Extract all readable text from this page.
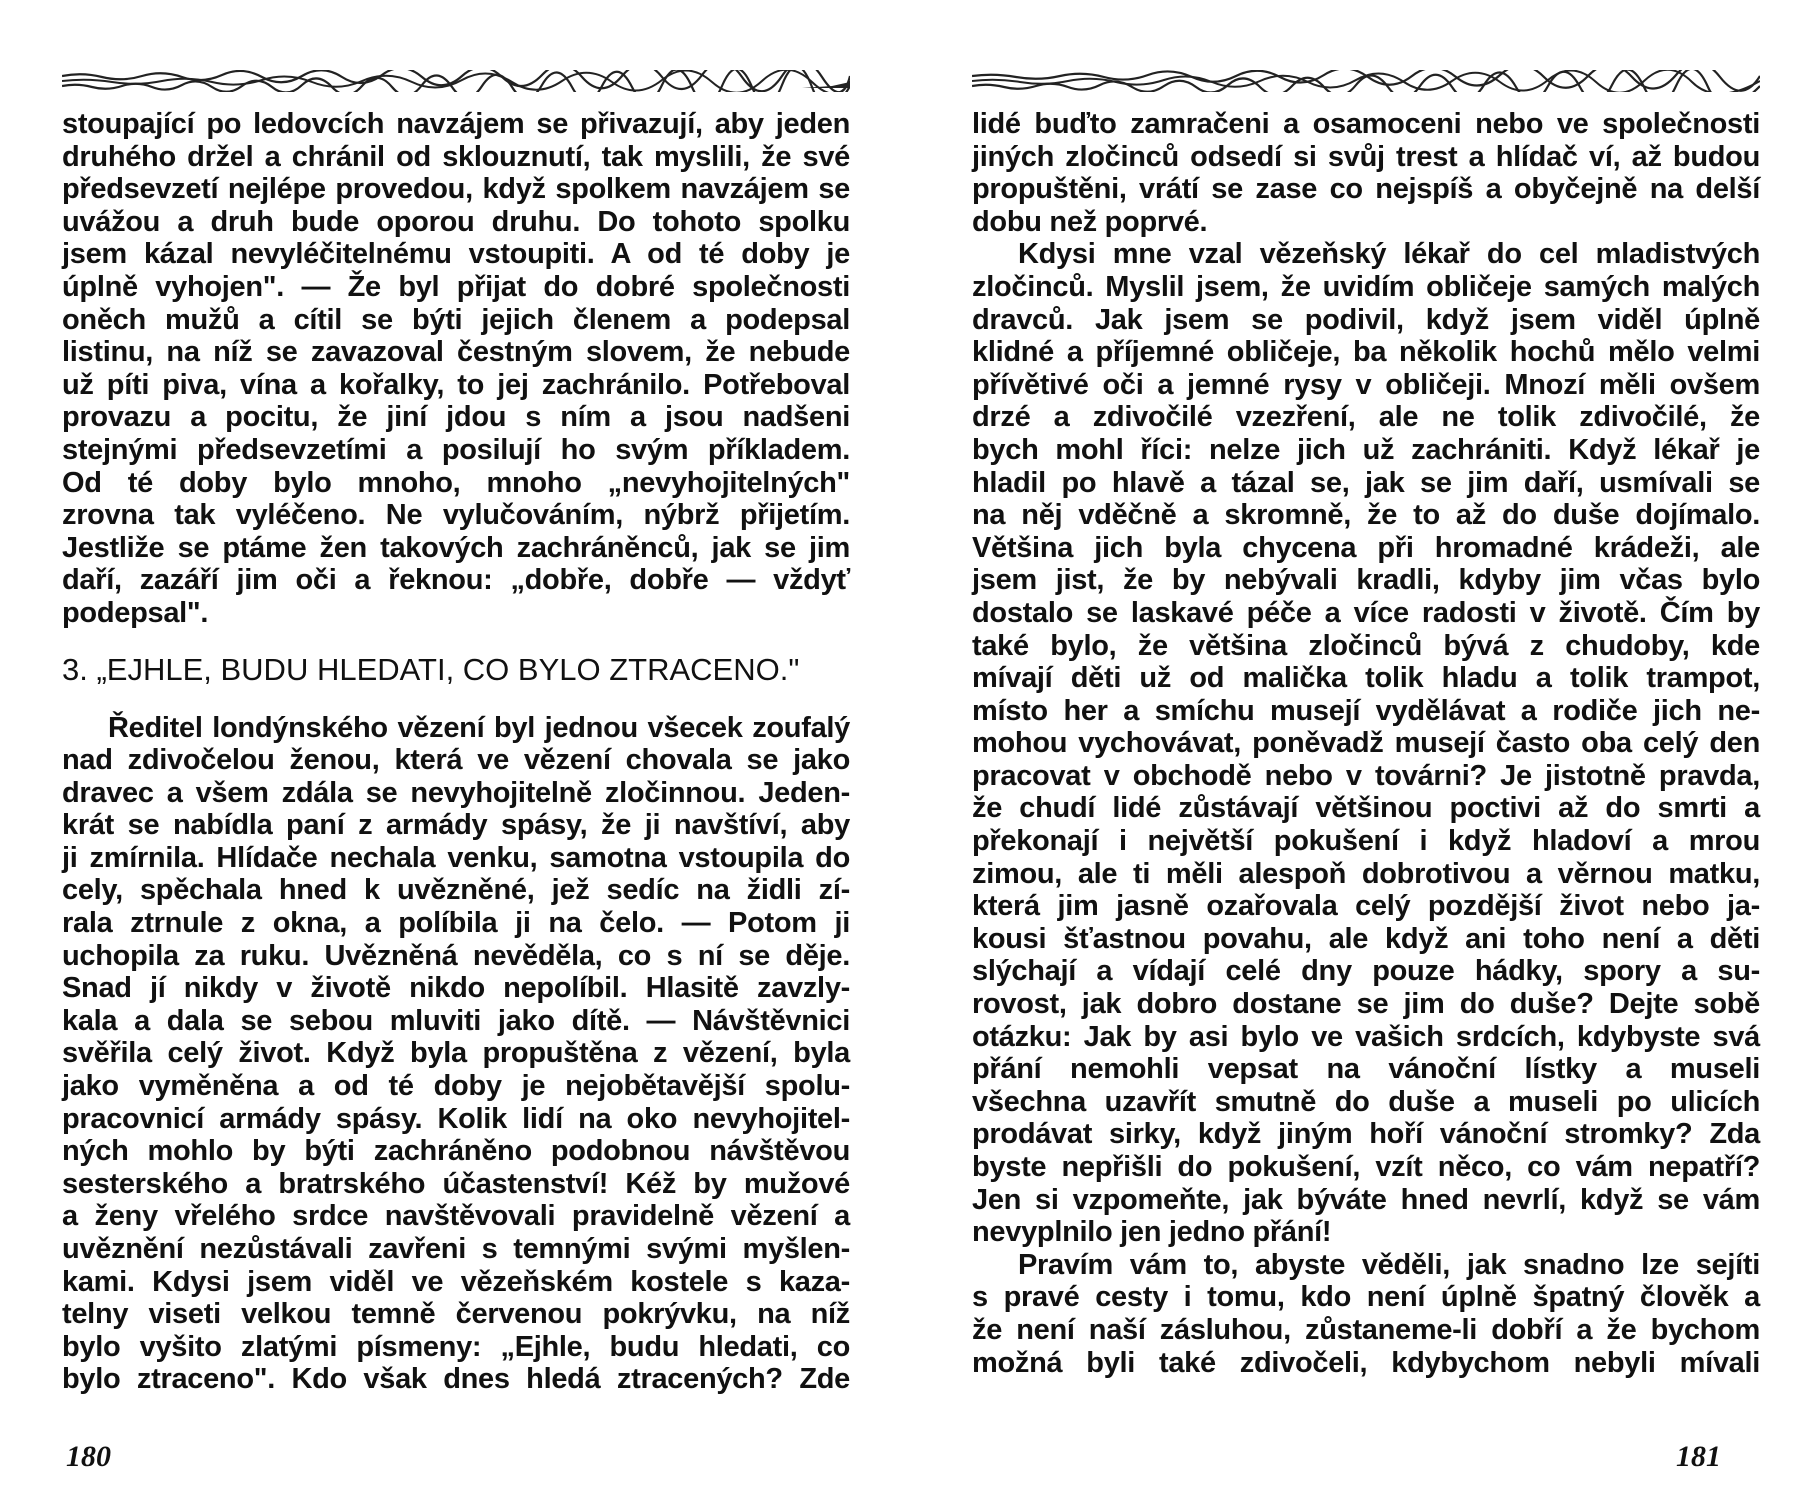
stoupající po ledovcích navzájem se přivazují, aby jeden
druhého držel a chránil od sklouznutí, tak myslili, že své
předsevzetí nejlépe provedou, když spolkem navzájem se
uvážou a druh bude oporou druhu. Do tohoto spolku
jsem kázal nevyléčitelnému vstoupiti. A od té doby je
úplně vyhojen". — Že byl přijat do dobré společnosti
oněch mužů a cítil se býti jejich členem a podepsal
listinu, na níž se zavazoval čestným slovem, že nebude
už píti piva, vína a kořalky, to jej zachránilo. Potřeboval
provazu a pocitu, že jiní jdou s ním a jsou nadšeni
stejnými předsevzetími a posilují ho svým příkladem.
Od té doby bylo mnoho, mnoho „nevyhojitelných"
zrovna tak vyléčeno. Ne vylučováním, nýbrž přijetím.
Jestliže se ptáme žen takových zachráněnců, jak se jim
daří, zazáří jim oči a řeknou: „dobře, dobře — vždyť
podepsal".
3. „EJHLE, BUDU HLEDATI, CO BYLO ZTRACENO."
Ředitel londýnského vězení byl jednou všecek zoufalý
nad zdivočelou ženou, která ve vězení chovala se jako
dravec a všem zdála se nevyhojitelně zločinnou. Jeden-
krát se nabídla paní z armády spásy, že ji navštíví, aby
ji zmírnila. Hlídače nechala venku, samotna vstoupila do
cely, spěchala hned k uvězněné, jež sedíc na židli zí-
rala ztrnule z okna, a políbila ji na čelo. — Potom ji
uchopila za ruku. Uvězněná nevěděla, co s ní se děje.
Snad jí nikdy v životě nikdo nepolíbil. Hlasitě zavzly-
kala a dala se sebou mluviti jako dítě. — Návštěvnici
svěřila celý život. Když byla propuštěna z vězení, byla
jako vyměněna a od té doby je nejobětavější spolu-
pracovnicí armády spásy. Kolik lidí na oko nevyhojitel-
ných mohlo by býti zachráněno podobnou návštěvou
sesterského a bratrského účastenství! Kéž by mužové
a ženy vřelého srdce navštěvovali pravidelně vězení a
uvěznění nezůstávali zavřeni s temnými svými myšlen-
kami. Kdysi jsem viděl ve vězeňském kostele s kaza-
telny viseti velkou temně červenou pokrývku, na níž
bylo vyšito zlatými písmeny: „Ejhle, budu hledati, co
bylo ztraceno". Kdo však dnes hledá ztracených? Zde
180
lidé buďto zamračeni a osamoceni nebo ve společnosti
jiných zločinců odsedí si svůj trest a hlídač ví, až budou
propuštěni, vrátí se zase co nejspíš a obyčejně na delší
dobu než poprvé.
Kdysi mne vzal vězeňský lékař do cel mladistvých
zločinců. Myslil jsem, že uvidím obličeje samých malých
dravců. Jak jsem se podivil, když jsem viděl úplně
klidné a příjemné obličeje, ba několik hochů mělo velmi
přívětivé oči a jemné rysy v obličeji. Mnozí měli ovšem
drzé a zdivočilé vzezření, ale ne tolik zdivočilé, že
bych mohl říci: nelze jich už zachrániti. Když lékař je
hladil po hlavě a tázal se, jak se jim daří, usmívali se
na něj vděčně a skromně, že to až do duše dojímalo.
Většina jich byla chycena při hromadné krádeži, ale
jsem jist, že by nebývali kradli, kdyby jim včas bylo
dostalo se laskavé péče a více radosti v životě. Čím by
také bylo, že většina zločinců bývá z chudoby, kde
mívají děti už od malička tolik hladu a tolik trampot,
místo her a smíchu musejí vydělávat a rodiče jich ne-
mohou vychovávat, poněvadž musejí často oba celý den
pracovat v obchodě nebo v továrni? Je jistotně pravda,
že chudí lidé zůstávají většinou poctivi až do smrti a
překonají i největší pokušení i když hladoví a mrou
zimou, ale ti měli alespoň dobrotivou a věrnou matku,
která jim jasně ozařovala celý pozdější život nebo ja-
kousi šťastnou povahu, ale když ani toho není a děti
slýchají a vídají celé dny pouze hádky, spory a su-
rovost, jak dobro dostane se jim do duše? Dejte sobě
otázku: Jak by asi bylo ve vašich srdcích, kdybyste svá
přání nemohli vepsat na vánoční lístky a museli
všechna uzavřít smutně do duše a museli po ulicích
prodávat sirky, když jiným hoří vánoční stromky? Zda
byste nepřišli do pokušení, vzít něco, co vám nepatří?
Jen si vzpomeňte, jak býváte hned nevrlí, když se vám
nevyplnilo jen jedno přání!
Pravím vám to, abyste věděli, jak snadno lze sejíti
s pravé cesty i tomu, kdo není úplně špatný člověk a
že není naší zásluhou, zůstaneme-li dobří a že bychom
možná byli také zdivočeli, kdybychom nebyli mívali
181
